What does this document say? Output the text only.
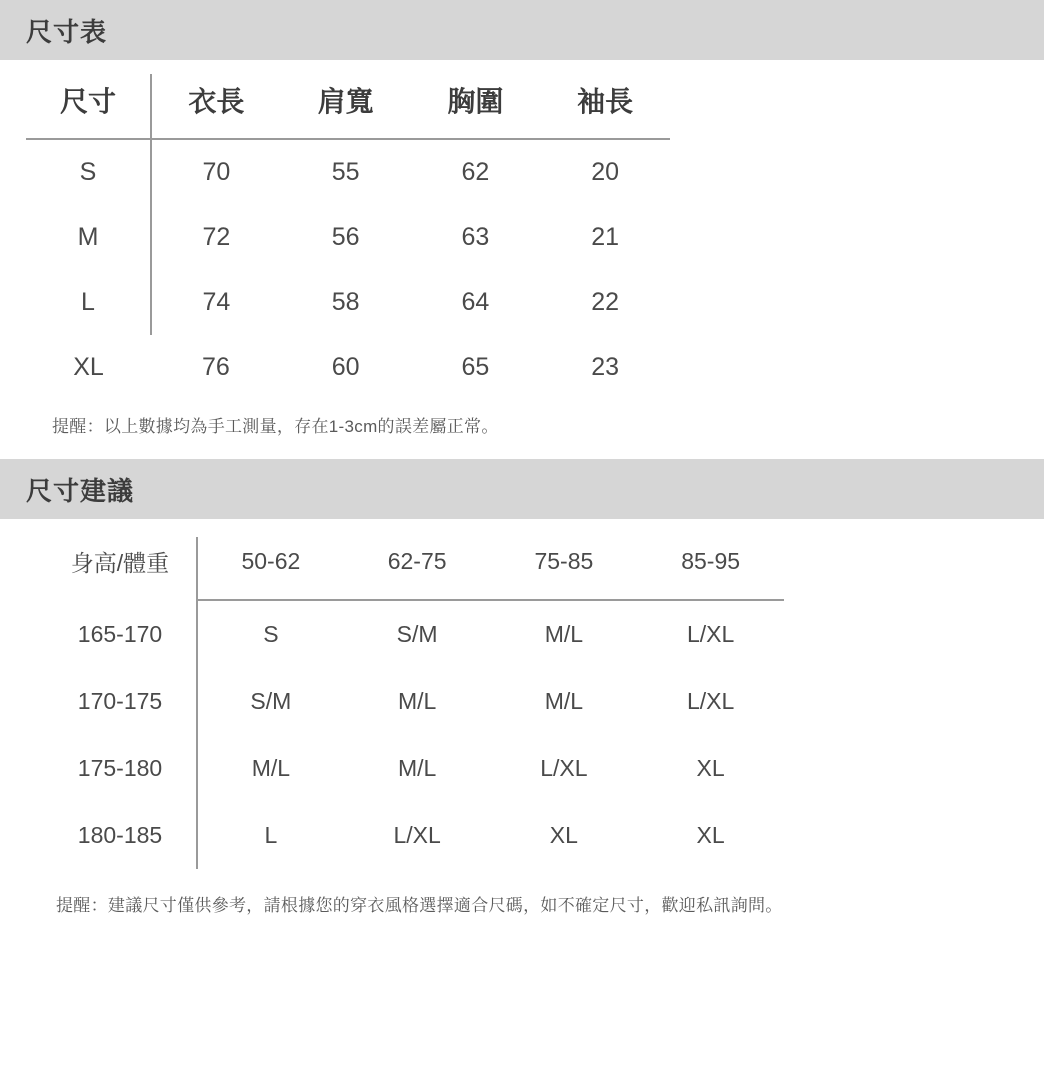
尺寸表
尺寸	衣長	肩寬	胸圍	袖長
S	70	55	62	20
M	72	56	63	21
L	74	58	64	22
XL	76	60	65	23
提醒：以上數據均為手工測量，存在1-3cm的誤差屬正常。
尺寸建議
身高/體重	50-62	62-75	75-85	85-95
165-170	S	S/M	M/L	L/XL
170-175	S/M	M/L	M/L	L/XL
175-180	M/L	M/L	L/XL	XL
180-185	L	L/XL	XL	XL
提醒：建議尺寸僅供參考，請根據您的穿衣風格選擇適合尺碼，如不確定尺寸，歡迎私訊詢問。
